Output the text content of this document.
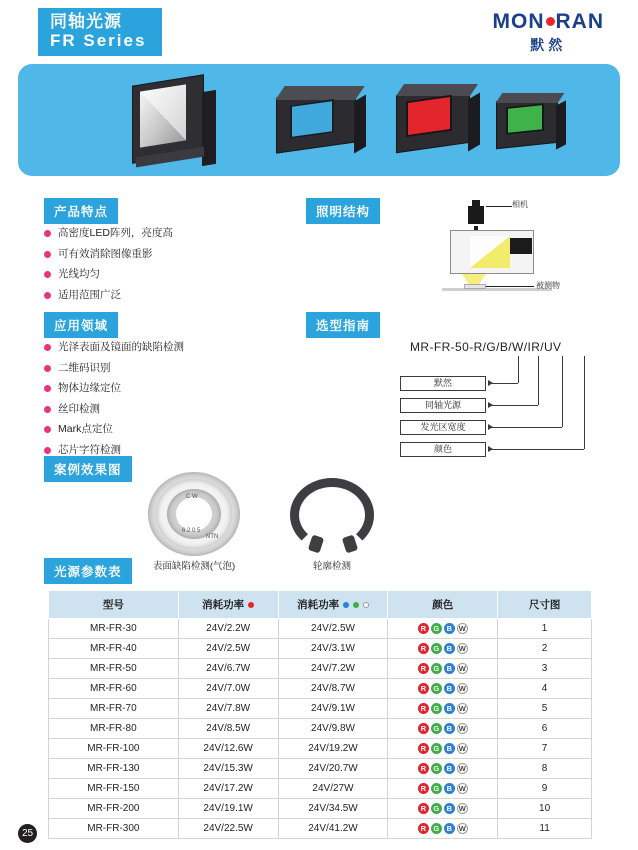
同轴光源
FR Series
MON RAN
默然
产品特点
高密度LED阵列，亮度高
可有效消除图像重影
光线均匀
适用范围广泛
应用领域
光泽表面及镜面的缺陷检测
二维码识别
物体边缘定位
丝印检测
Mark点定位
芯片字符检测
案例效果图
C W
6 2 0 5
NTN
表面缺陷检测(气泡)	轮廓检测
照明结构
相机
被测物
选型指南
MR-FR-50-R/G/B/W/IR/UV
默然
同轴光源
发光区宽度
颜色
光源参数表
型号	消耗功率	消耗功率	颜色	尺寸图
MR-FR-30	24V/2.2W	24V/2.5W	R G B W	1
MR-FR-40	24V/2.5W	24V/3.1W	R G B W	2
MR-FR-50	24V/6.7W	24V/7.2W	R G B W	3
MR-FR-60	24V/7.0W	24V/8.7W	R G B W	4
MR-FR-70	24V/7.8W	24V/9.1W	R G B W	5
MR-FR-80	24V/8.5W	24V/9.8W	R G B W	6
MR-FR-100	24V/12.6W	24V/19.2W	R G B W	7
MR-FR-130	24V/15.3W	24V/20.7W	R G B W	8
MR-FR-150	24V/17.2W	24V/27W	R G B W	9
MR-FR-200	24V/19.1W	24V/34.5W	R G B W	10
MR-FR-300	24V/22.5W	24V/41.2W	R G B W	11
25
